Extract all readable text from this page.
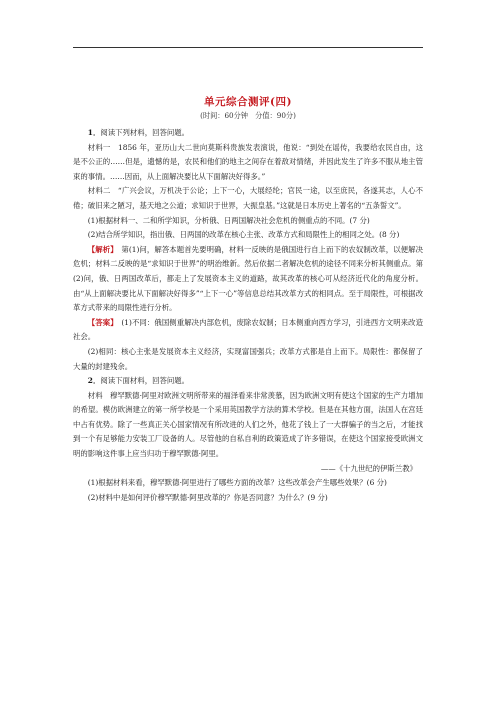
单元综合测评(四)
(时间：60分钟　分值：90分)

1．阅读下列材料，回答问题。

材料一　1856 年，亚历山大二世向莫斯科贵族发表演说，他说：“到处在谣传，我要给农民自由，这是不公正的……但是，遗憾的是，农民和他们的地主之间存在着敌对情绪，并因此发生了许多不服从地主管束的事情。……因而，从上面解决要比从下面解决好得多。”

材料二　“广兴会议，万机决于公论；上下一心，大展经纶；官民一途，以至庶民，各遂其志，人心不倦；破旧来之陋习，基天地之公道；求知识于世界，大振皇基。”这就是日本历史上著名的“五条誓文”。

(1)根据材料一、二和所学知识，分析俄、日两国解决社会危机的侧重点的不同。(7 分)

(2)结合所学知识，指出俄、日两国的改革在核心主张、改革方式和局限性上的相同之处。(8 分)

【解析】　第(1)问，解答本题首先要明确，材料一反映的是俄国进行自上而下的农奴制改革，以便解决危机；材料二反映的是“求知识于世界”的明治维新。然后依据二者解决危机的途径不同来分析其侧重点。第(2)问，俄、日两国改革后，都走上了发展资本主义的道路，故其改革的核心可从经济近代化的角度分析。由“从上面解决要比从下面解决好得多”“上下一心”等信息总结其改革方式的相同点。至于局限性，可根据改革方式带来的局限性进行分析。

【答案】　(1)不同：俄国侧重解决内部危机，废除农奴制；日本侧重向西方学习，引进西方文明来改造社会。

(2)相同：核心主张是发展资本主义经济，实现富国强兵；改革方式都是自上而下。局限性：都保留了大量的封建残余。

2．阅读下面材料，回答问题。

材料　穆罕默德·阿里对欧洲文明所带来的福泽看来非常羡慕，因为欧洲文明有使这个国家的生产力增加的希望。模仿欧洲建立的第一所学校是一个采用英国教学方法的算术学校。但是在其他方面，法国人在宫廷中占有优势。除了一些真正关心国家情况有所改进的人们之外，他花了钱上了一大群骗子的当之后，才能找到一个有足够能力安装工厂设备的人。尽管他的自私自利的政策造成了许多错误，在使这个国家接受欧洲文明的影响这件事上应当归功于穆罕默德·阿里。

——《十九世纪的伊斯兰教》

(1)根据材料来看，穆罕默德·阿里进行了哪些方面的改革？这些改革会产生哪些效果？(6 分)

(2)材料中是如何评价穆罕默德·阿里改革的？你是否同意？为什么？(9 分)
